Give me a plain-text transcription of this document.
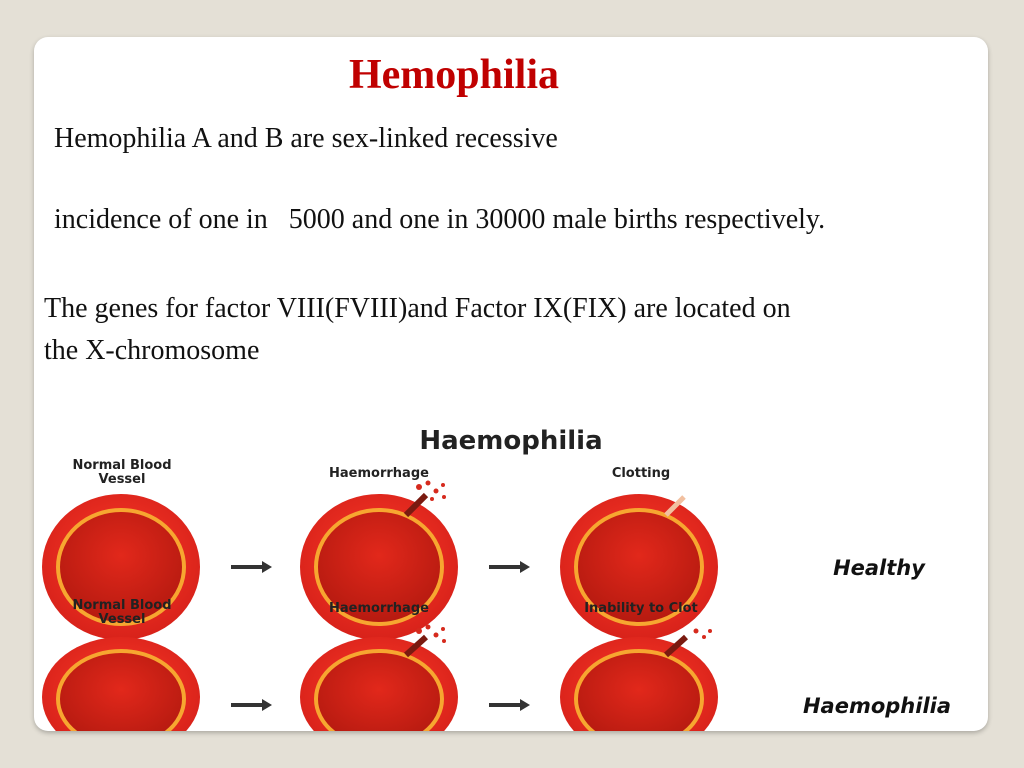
Hemophilia
Hemophilia A and B are sex-linked recessive
incidence of one in   5000 and one in 30000 male births respectively.
The genes for factor VIII(FVIII)and Factor IX(FIX) are located on
the X-chromosome
Haemophilia
Normal Blood
Vessel	Haemorrhage	Clotting
Healthy
Normal Blood
Vessel
Haemorrhage	Inability to Clot
Haemophilia
